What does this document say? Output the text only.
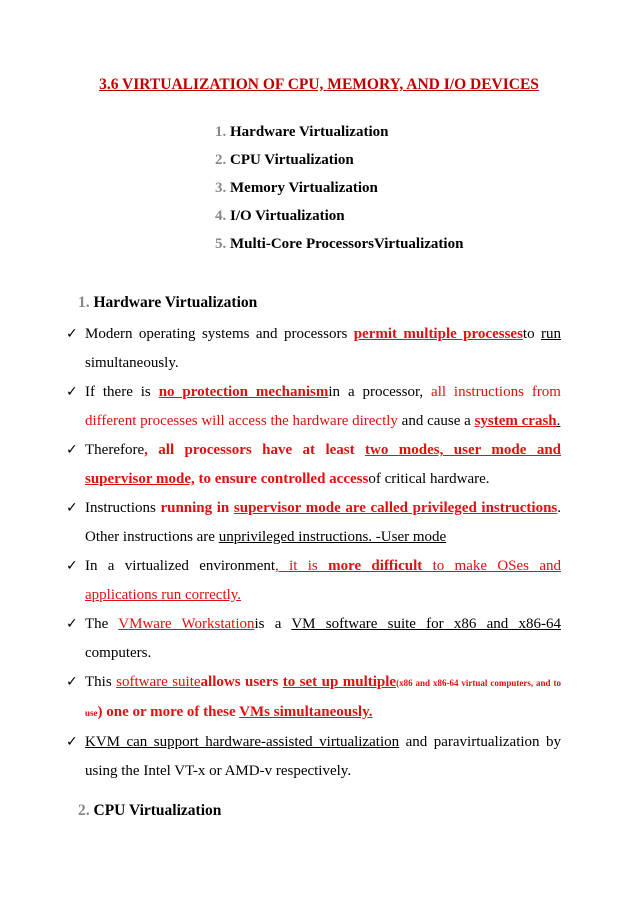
3.6 VIRTUALIZATION OF CPU, MEMORY, AND I/O DEVICES
1. Hardware Virtualization
2. CPU Virtualization
3. Memory Virtualization
4. I/O Virtualization
5. Multi-Core ProcessorsVirtualization
1. Hardware Virtualization
✓ Modern operating systems and processors permit multiple processesto run simultaneously.
✓ If there is no protection mechanismin a processor, all instructions from different processes will access the hardware directly and cause a system crash.
✓ Therefore, all processors have at least two modes, user mode and supervisor mode, to ensure controlled accessof critical hardware.
✓ Instructions running in supervisor mode are called privileged instructions. Other instructions are unprivileged instructions. -User mode
✓ In a virtualized environment, it is more difficult to make OSes and applications run correctly.
✓ The VMware Workstationis a VM software suite for x86 and x86-64 computers.
✓ This software suiteallows users to set up multiple(x86 and x86-64 virtual computers, and to use) one or more of these VMs simultaneously.
✓ KVM can support hardware-assisted virtualization and paravirtualization by using the Intel VT-x or AMD-v respectively.
2. CPU Virtualization
